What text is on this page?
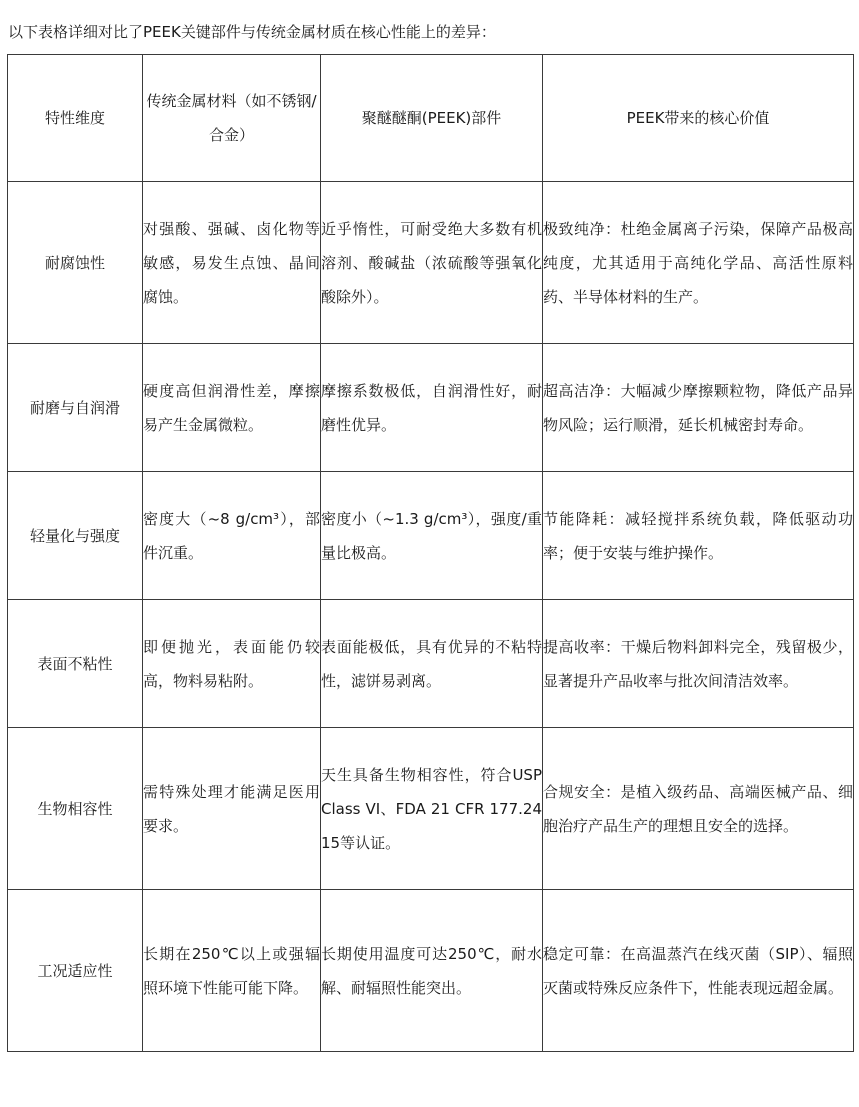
以下表格详细对比了PEEK关键部件与传统金属材质在核心性能上的差异：

特性维度	传统金属材料（如不锈钢/合金）	聚醚醚酮(PEEK)部件	PEEK带来的核心价值
耐腐蚀性	对强酸、强碱、卤化物等敏感，易发生点蚀、晶间腐蚀。	近乎惰性，可耐受绝大多数有机溶剂、酸碱盐（浓硫酸等强氧化酸除外）。	极致纯净：杜绝金属离子污染，保障产品极高纯度，尤其适用于高纯化学品、高活性原料药、半导体材料的生产。
耐磨与自润滑	硬度高但润滑性差，摩擦易产生金属微粒。	摩擦系数极低，自润滑性好，耐磨性优异。	超高洁净：大幅减少摩擦颗粒物，降低产品异物风险；运行顺滑，延长机械密封寿命。
轻量化与强度	密度大（~8 g/cm³），部件沉重。	密度小（~1.3 g/cm³），强度/重量比极高。	节能降耗：减轻搅拌系统负载，降低驱动功率；便于安装与维护操作。
表面不粘性	即便抛光，表面能仍较高，物料易粘附。	表面能极低，具有优异的不粘特性，滤饼易剥离。	提高收率：干燥后物料卸料完全，残留极少，显著提升产品收率与批次间清洁效率。
生物相容性	需特殊处理才能满足医用要求。	天生具备生物相容性，符合USP Class VI、FDA 21 CFR 177.2415等认证。	合规安全：是植入级药品、高端医械产品、细胞治疗产品生产的理想且安全的选择。
工况适应性	长期在250℃以上或强辐照环境下性能可能下降。	长期使用温度可达250℃，耐水解、耐辐照性能突出。	稳定可靠：在高温蒸汽在线灭菌（SIP）、辐照灭菌或特殊反应条件下，性能表现远超金属。
